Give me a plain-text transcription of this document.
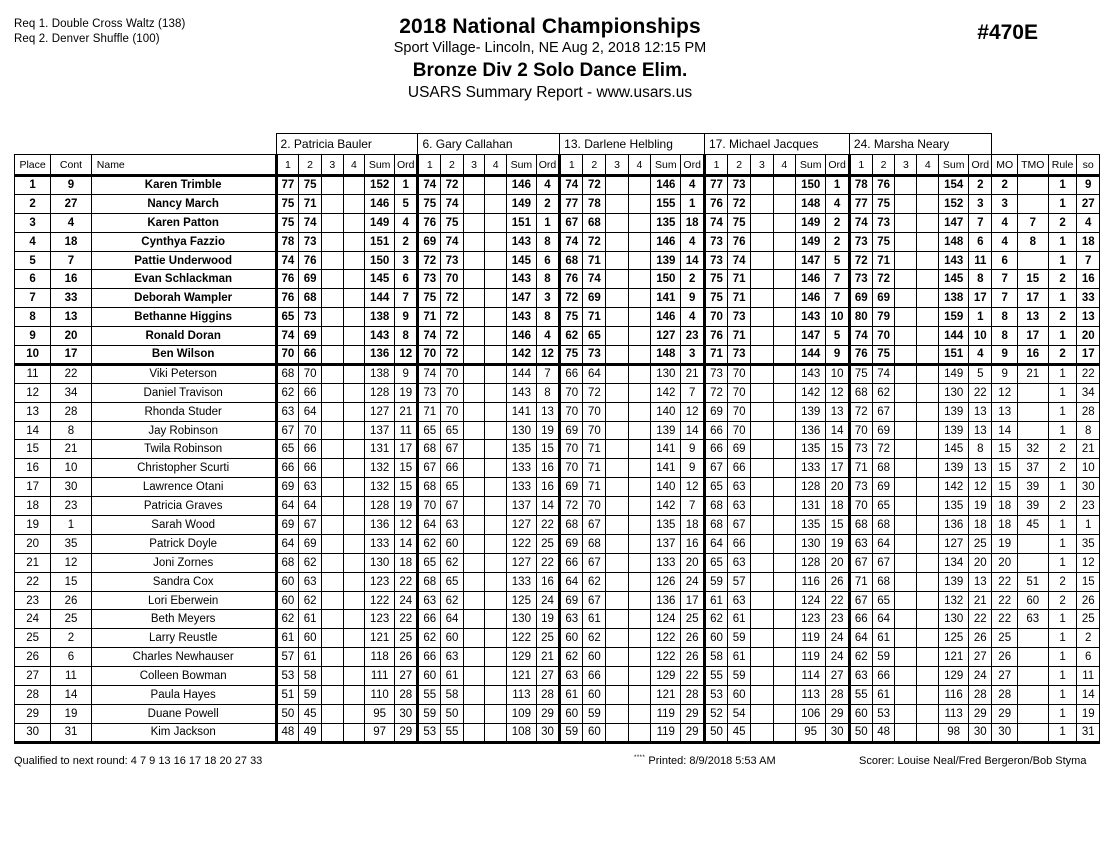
Req 1. Double Cross Waltz (138)
Req 2. Denver Shuffle (100)
2018 National Championships
Sport Village- Lincoln, NE Aug 2, 2018 12:15 PM
Bronze Div 2 Solo Dance Elim.
USARS Summary Report - www.usars.us
#470E
			2. Patricia Bauler						6. Gary Callahan						13. Darlene Helbling						17. Michael Jacques						24. Marsha Neary									
Place	Cont	Name	1	2	3	4	Sum	Ord	1	2	3	4	Sum	Ord	1	2	3	4	Sum	Ord	1	2	3	4	Sum	Ord	1	2	3	4	Sum	Ord	MO	TMO	Rule	so
1	9	Karen Trimble	77	75			152	1	74	72			146	4	74	72			146	4	77	73			150	1	78	76			154	2	2		1	9
2	27	Nancy March	75	71			146	5	75	74			149	2	77	78			155	1	76	72			148	4	77	75			152	3	3		1	27
3	4	Karen Patton	75	74			149	4	76	75			151	1	67	68			135	18	74	75			149	2	74	73			147	7	4	7	2	4
4	18	Cynthya Fazzio	78	73			151	2	69	74			143	8	74	72			146	4	73	76			149	2	73	75			148	6	4	8	1	18
5	7	Pattie Underwood	74	76			150	3	72	73			145	6	68	71			139	14	73	74			147	5	72	71			143	11	6		1	7
6	16	Evan Schlackman	76	69			145	6	73	70			143	8	76	74			150	2	75	71			146	7	73	72			145	8	7	15	2	16
7	33	Deborah Wampler	76	68			144	7	75	72			147	3	72	69			141	9	75	71			146	7	69	69			138	17	7	17	1	33
8	13	Bethanne Higgins	65	73			138	9	71	72			143	8	75	71			146	4	70	73			143	10	80	79			159	1	8	13	2	13
9	20	Ronald Doran	74	69			143	8	74	72			146	4	62	65			127	23	76	71			147	5	74	70			144	10	8	17	1	20
10	17	Ben Wilson	70	66			136	12	70	72			142	12	75	73			148	3	71	73			144	9	76	75			151	4	9	16	2	17
11	22	Viki Peterson	68	70			138	9	74	70			144	7	66	64			130	21	73	70			143	10	75	74			149	5	9	21	1	22
12	34	Daniel Travison	62	66			128	19	73	70			143	8	70	72			142	7	72	70			142	12	68	62			130	22	12		1	34
13	28	Rhonda Studer	63	64			127	21	71	70			141	13	70	70			140	12	69	70			139	13	72	67			139	13	13		1	28
14	8	Jay Robinson	67	70			137	11	65	65			130	19	69	70			139	14	66	70			136	14	70	69			139	13	14		1	8
15	21	Twila Robinson	65	66			131	17	68	67			135	15	70	71			141	9	66	69			135	15	73	72			145	8	15	32	2	21
16	10	Christopher Scurti	66	66			132	15	67	66			133	16	70	71			141	9	67	66			133	17	71	68			139	13	15	37	2	10
17	30	Lawrence Otani	69	63			132	15	68	65			133	16	69	71			140	12	65	63			128	20	73	69			142	12	15	39	1	30
18	23	Patricia Graves	64	64			128	19	70	67			137	14	72	70			142	7	68	63			131	18	70	65			135	19	18	39	2	23
19	1	Sarah Wood	69	67			136	12	64	63			127	22	68	67			135	18	68	67			135	15	68	68			136	18	18	45	1	1
20	35	Patrick Doyle	64	69			133	14	62	60			122	25	69	68			137	16	64	66			130	19	63	64			127	25	19		1	35
21	12	Joni Zornes	68	62			130	18	65	62			127	22	66	67			133	20	65	63			128	20	67	67			134	20	20		1	12
22	15	Sandra Cox	60	63			123	22	68	65			133	16	64	62			126	24	59	57			116	26	71	68			139	13	22	51	2	15
23	26	Lori Eberwein	60	62			122	24	63	62			125	24	69	67			136	17	61	63			124	22	67	65			132	21	22	60	2	26
24	25	Beth Meyers	62	61			123	22	66	64			130	19	63	61			124	25	62	61			123	23	66	64			130	22	22	63	1	25
25	2	Larry Reustle	61	60			121	25	62	60			122	25	60	62			122	26	60	59			119	24	64	61			125	26	25		1	2
26	6	Charles Newhauser	57	61			118	26	66	63			129	21	62	60			122	26	58	61			119	24	62	59			121	27	26		1	6
27	11	Colleen Bowman	53	58			111	27	60	61			121	27	63	66			129	22	55	59			114	27	63	66			129	24	27		1	11
28	14	Paula Hayes	51	59			110	28	55	58			113	28	61	60			121	28	53	60			113	28	55	61			116	28	28		1	14
29	19	Duane Powell	50	45			95	30	59	50			109	29	60	59			119	29	52	54			106	29	60	53			113	29	29		1	19
30	31	Kim Jackson	48	49			97	29	53	55			108	30	59	60			119	29	50	45			95	30	50	48			98	30	30		1	31
Qualified to next round: 4 7 9 13 16 17 18 20 27 33	**** Printed: 8/9/2018 5:53 AM	Scorer: Louise Neal/Fred Bergeron/Bob Styma
